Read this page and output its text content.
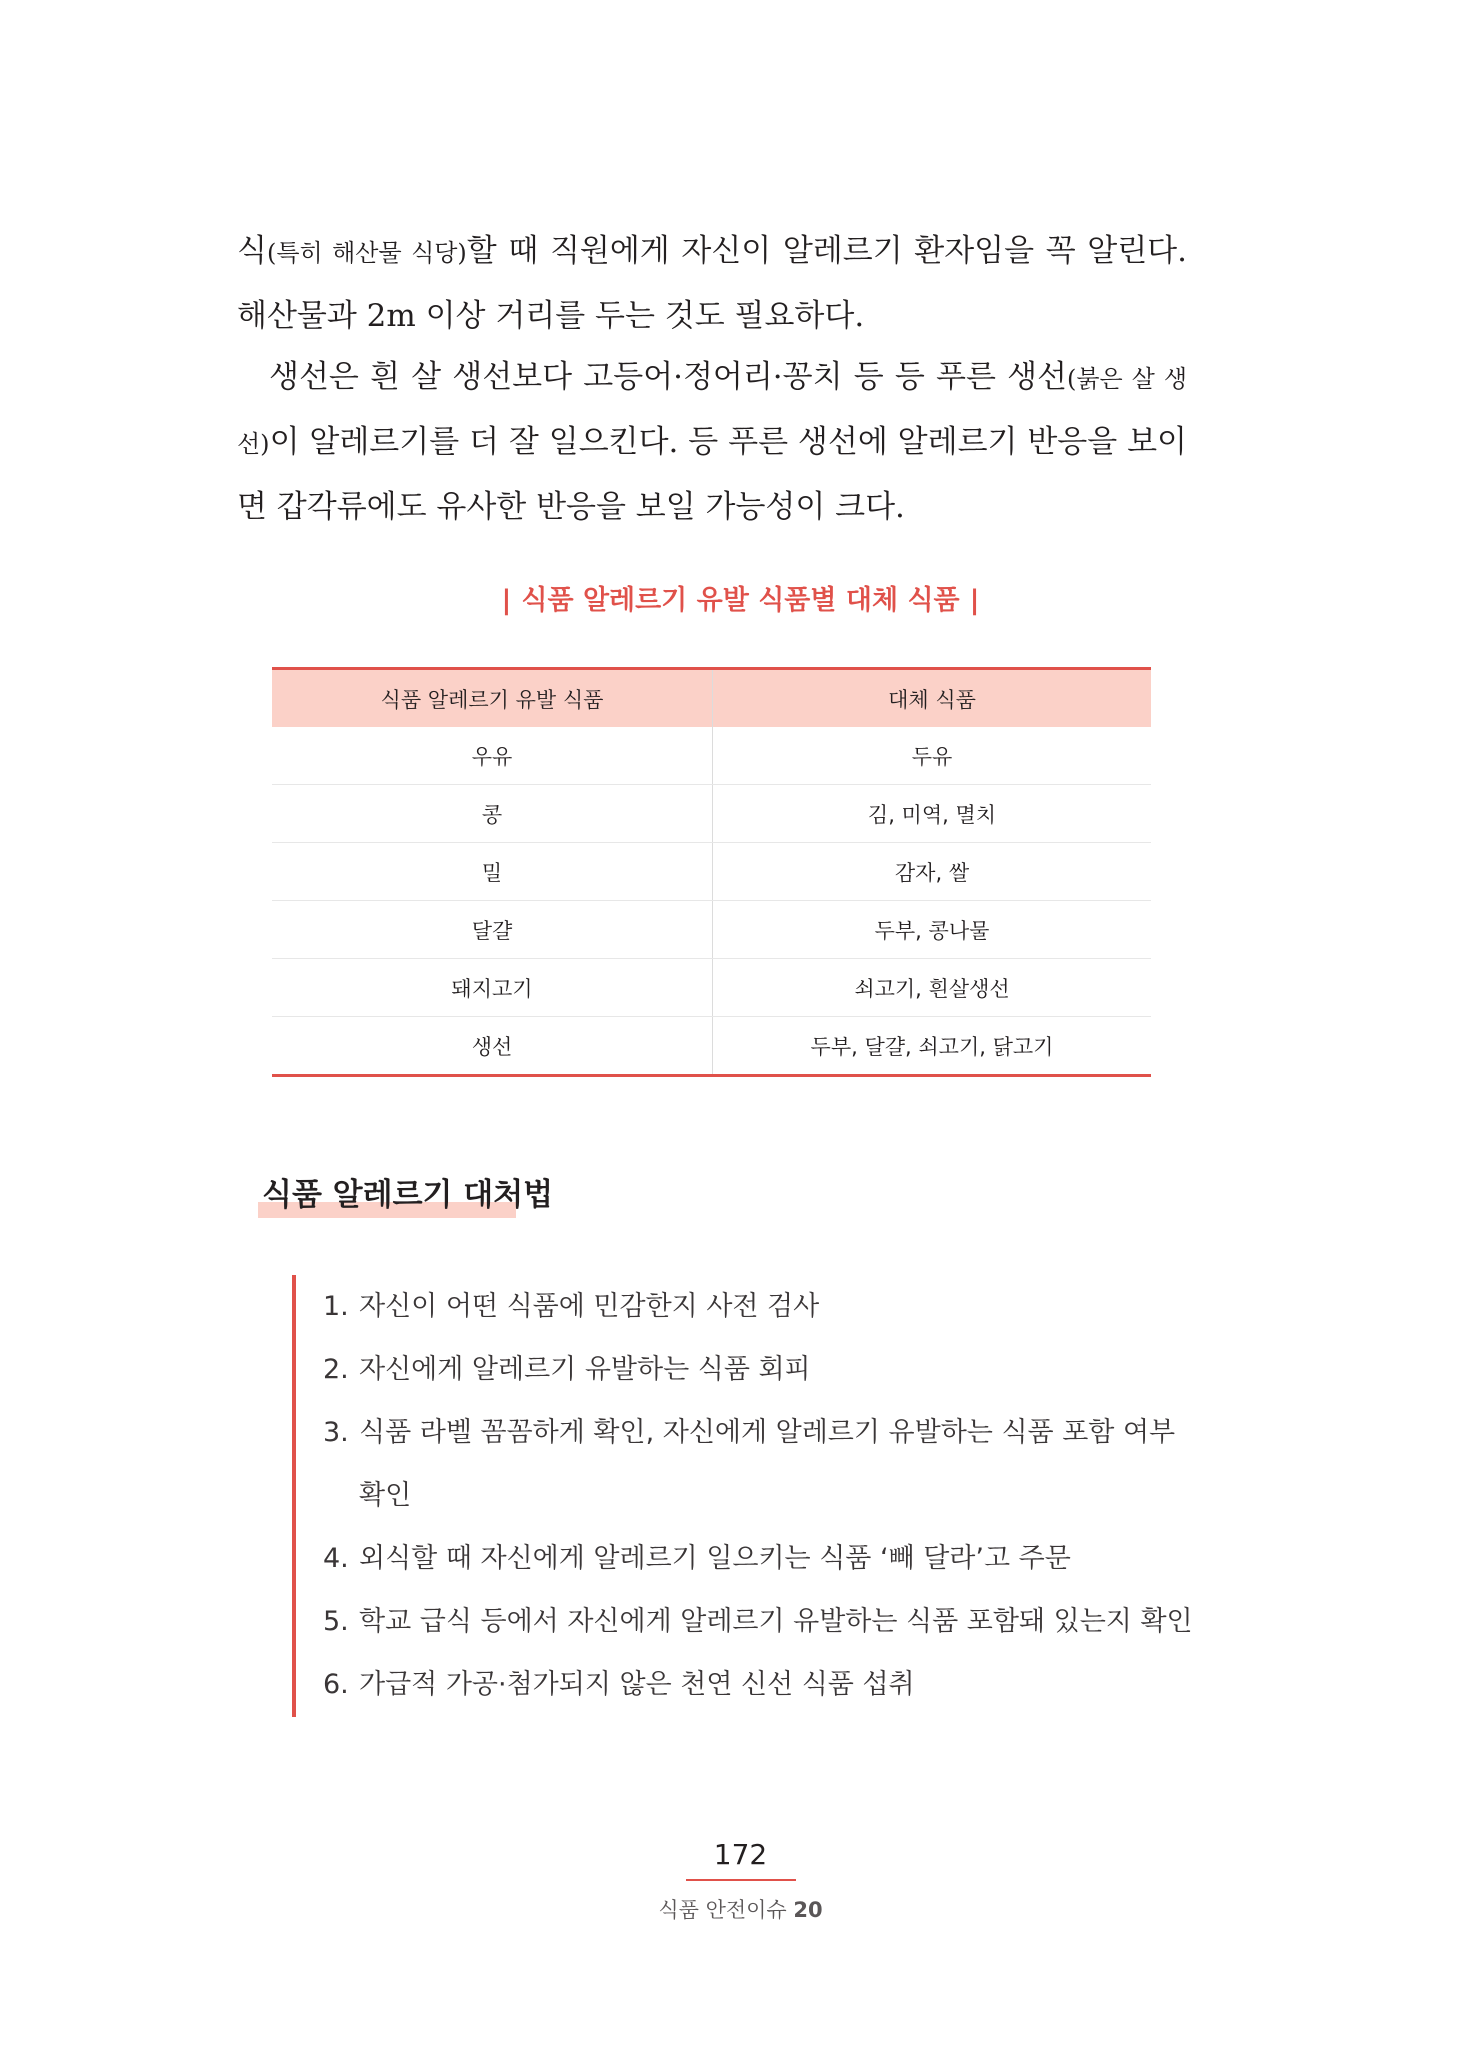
식(특히 해산물 식당)할 때 직원에게 자신이 알레르기 환자임을 꼭 알린다. 해산물과 2m 이상 거리를 두는 것도 필요하다.

생선은 흰 살 생선보다 고등어·정어리·꽁치 등 등 푸른 생선(붉은 살 생선)이 알레르기를 더 잘 일으킨다. 등 푸른 생선에 알레르기 반응을 보이면 갑각류에도 유사한 반응을 보일 가능성이 크다.

| 식품 알레르기 유발 식품별 대체 식품 |
식품 알레르기 유발 식품	대체 식품
우유	두유
콩	김, 미역, 멸치
밀	감자, 쌀
달걀	두부, 콩나물
돼지고기	쇠고기, 흰살생선
생선	두부, 달걀, 쇠고기, 닭고기
식품 알레르기 대처법
1. 자신이 어떤 식품에 민감한지 사전 검사
2. 자신에게 알레르기 유발하는 식품 회피
3. 식품 라벨 꼼꼼하게 확인, 자신에게 알레르기 유발하는 식품 포함 여부 확인
4. 외식할 때 자신에게 알레르기 일으키는 식품 ‘빼 달라’고 주문
5. 학교 급식 등에서 자신에게 알레르기 유발하는 식품 포함돼 있는지 확인
6. 가급적 가공·첨가되지 않은 천연 신선 식품 섭취
172
식품 안전이슈 20
